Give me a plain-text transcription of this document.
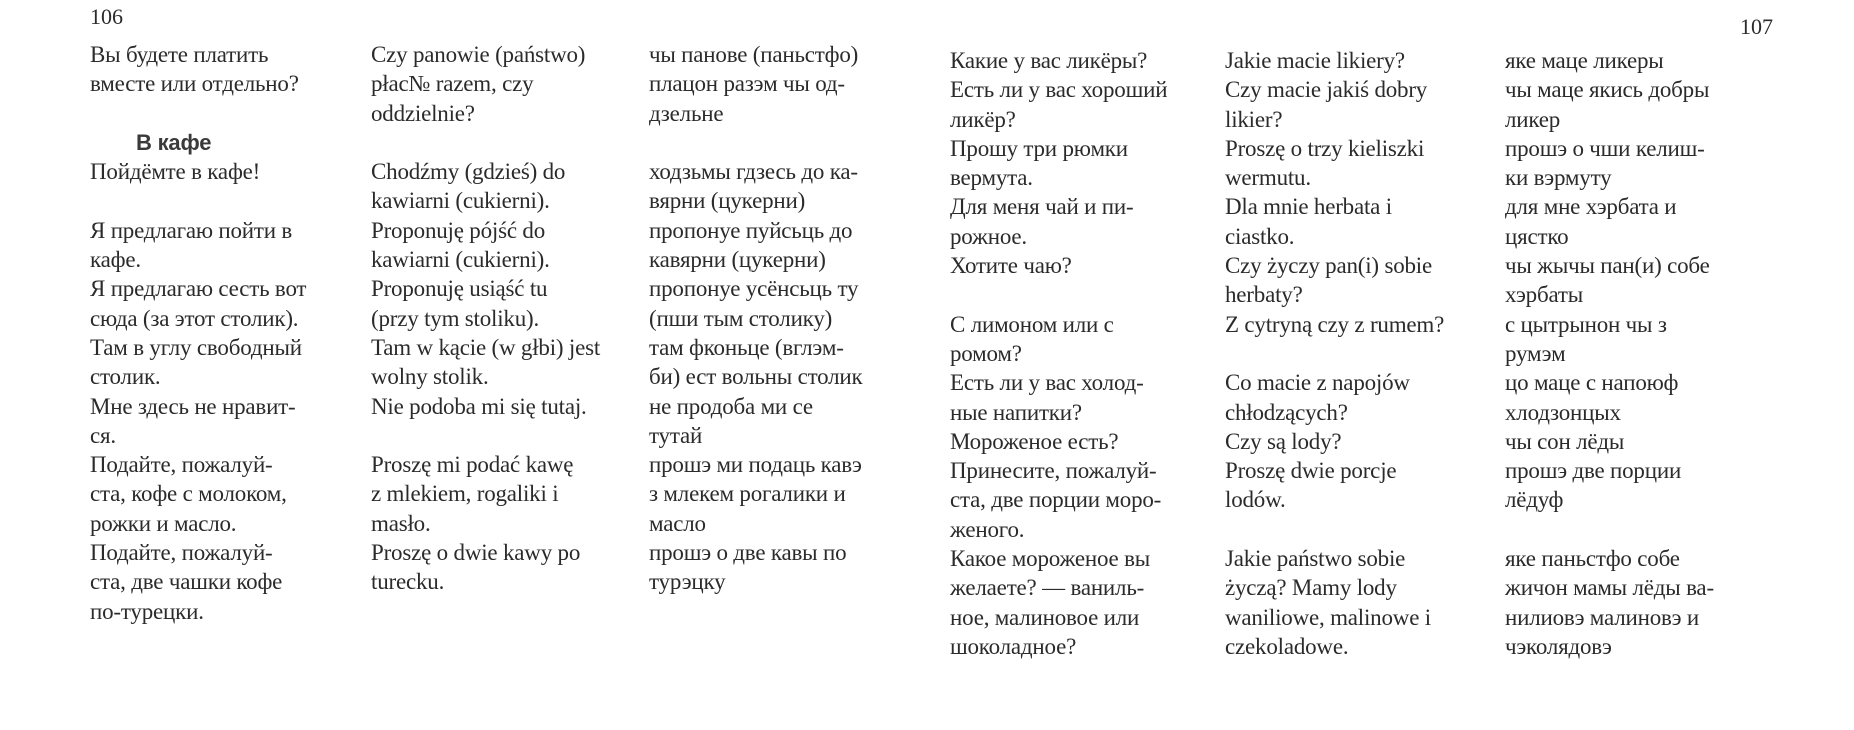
106	107
Вы будете платить
вместе или отдельно?
В кафе
Пойдёмте в кафе!
Я предлагаю пойти в
кафе.
Я предлагаю сесть вот
сюда (за этот столик).
Там в углу свободный
столик.
Мне здесь не нравит-
ся.
Подайте, пожалуй-
ста, кофе с молоком,
рожки и масло.
Подайте, пожалуй-
ста, две чашки кофе
по-турецки.
Czy panowie (państwo)
płac№ razem, czy
oddzielnie?
Chodźmy (gdzieś) do
kawiarni (cukierni).
Proponuję pójść do
kawiarni (cukierni).
Proponuję usiąść tu
(przy tym stoliku).
Tam w kącie (w głbi) jest
wolny stolik.
Nie podoba mi się tutaj.
Proszę mi podać kawę
z mlekiem, rogaliki i
masło.
Proszę o dwie kawy po
turecku.
чы панове (паньстфо)
плацон разэм чы од-
дзельне
ходзьмы гдзесь до ка-
вярни (цукерни)
пропонуе пуйсьць до
кавярни (цукерни)
пропонуе усёнсьць ту
(пши тым столику)
там фконьце (вглэм-
би) ест вольны столик
не продоба ми се
тутай
прошэ ми подаць кавэ
з млекем рогалики и
масло
прошэ о две кавы по
турэцку
Какие у вас ликёры?
Есть ли у вас хороший
ликёр?
Прошу три рюмки
вермута.
Для меня чай и пи-
рожное.
Хотите чаю?
С лимоном или с
ромом?
Есть ли у вас холод-
ные напитки?
Мороженое есть?
Принесите, пожалуй-
ста, две порции моро-
женого.
Какое мороженое вы
желаете? — ваниль-
ное, малиновое или
шоколадное?
Jakie macie likiery?
Czy macie jakiś dobry
likier?
Proszę o trzy kieliszki
wermutu.
Dla mnie herbata i
ciastko.
Czy życzy pan(i) sobie
herbaty?
Z cytryną czy z rumem?
Co macie z napojów
chłodzących?
Czy są lody?
Proszę dwie porcje
lodów.
Jakie państwo sobie
życzą? Mamy lody
waniliowe, malinowe i
czekoladowe.
яке маце ликеры
чы маце якись добры
ликер
прошэ о чши келиш-
ки вэрмуту
для мне хэрбата и
цястко
чы жычы пан(и) собе
хэрбаты
с цытрынон чы з
румэм
цо маце с напоюф
хлодзонцых
чы сон лёды
прошэ две порции
лёдуф
яке паньстфо собе
жичон мамы лёды ва-
нилиовэ малиновэ и
чэколядовэ
